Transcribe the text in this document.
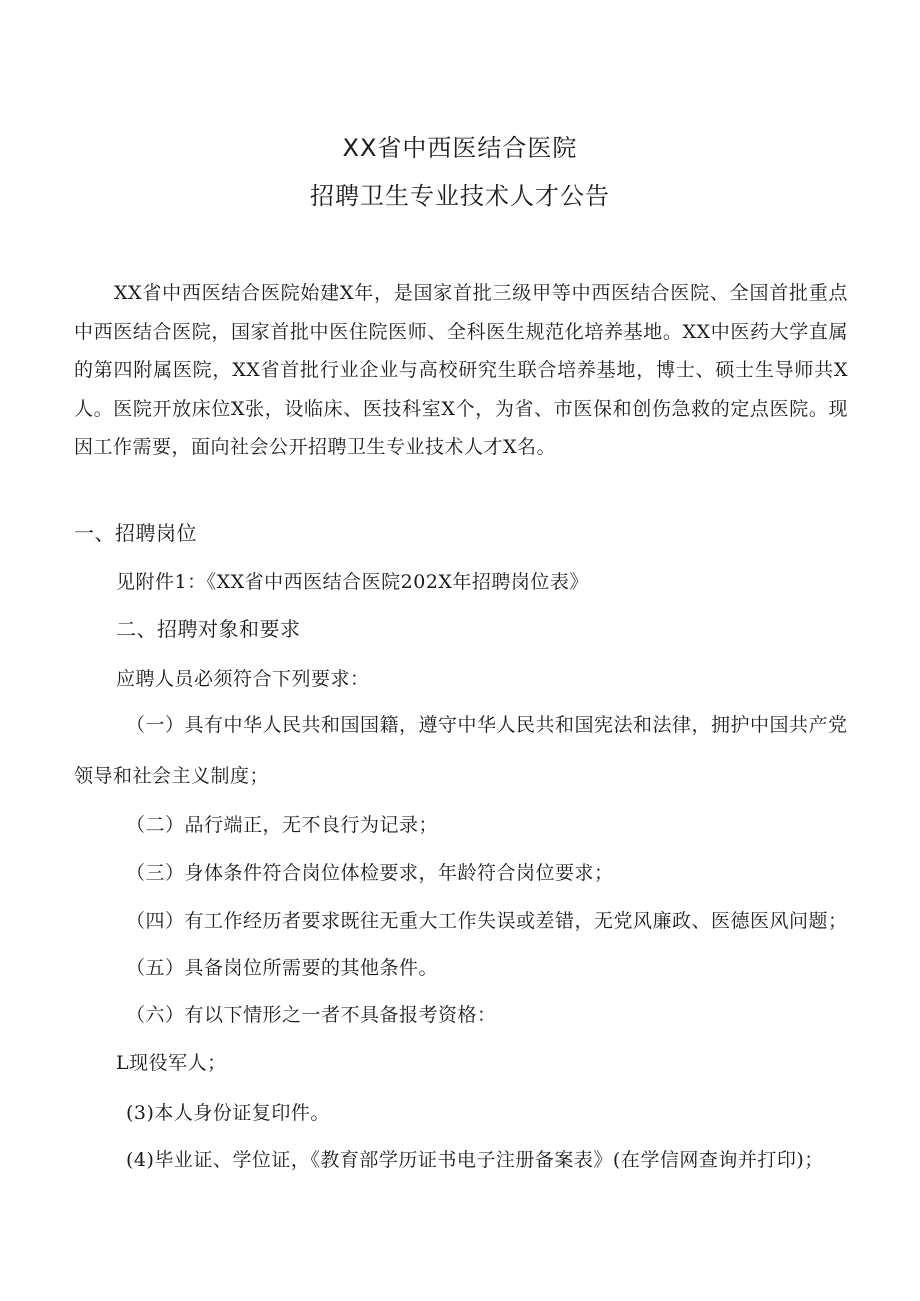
XX省中西医结合医院
招聘卫生专业技术人才公告

XX省中西医结合医院始建X年，是国家首批三级甲等中西医结合医院、全国首批重点中西医结合医院，国家首批中医住院医师、全科医生规范化培养基地。XX中医药大学直属的第四附属医院，XX省首批行业企业与高校研究生联合培养基地，博士、硕士生导师共X人。医院开放床位X张，设临床、医技科室X个，为省、市医保和创伤急救的定点医院。现因工作需要，面向社会公开招聘卫生专业技术人才X名。

一、招聘岗位

见附件1：《XX省中西医结合医院202X年招聘岗位表》

二、招聘对象和要求

应聘人员必须符合下列要求：

（一）具有中华人民共和国国籍，遵守中华人民共和国宪法和法律，拥护中国共产党领导和社会主义制度；

（二）品行端正，无不良行为记录；

（三）身体条件符合岗位体检要求，年龄符合岗位要求；

（四）有工作经历者要求既往无重大工作失误或差错，无党风廉政、医德医风问题；

（五）具备岗位所需要的其他条件。

（六）有以下情形之一者不具备报考资格：

L现役军人；

(3)本人身份证复印件。

(4)毕业证、学位证，《教育部学历证书电子注册备案表》(在学信网查询并打印)；
